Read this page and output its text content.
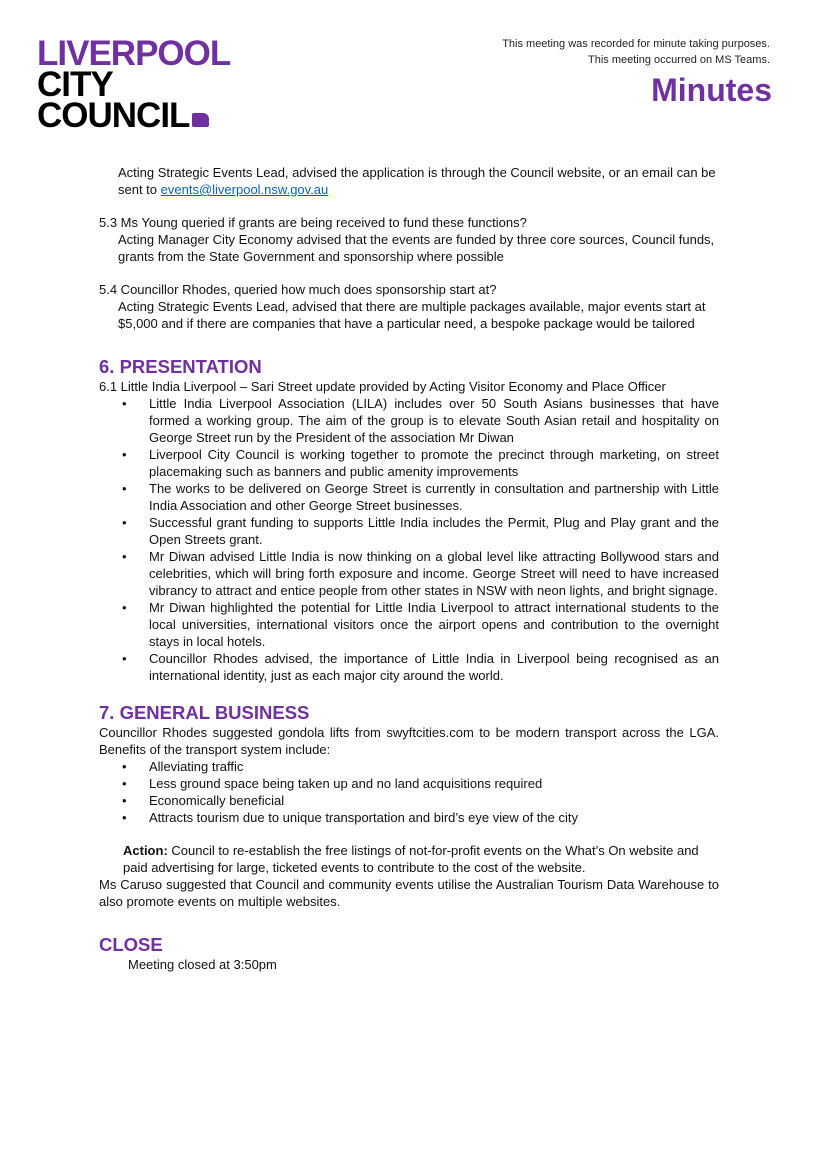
LIVERPOOL
CITY
COUNCIL
This meeting was recorded for minute taking purposes.
This meeting occurred on MS Teams.
Minutes
Acting Strategic Events Lead, advised the application is through the Council website, or an email can be sent to events@liverpool.nsw.gov.au
5.3 Ms Young queried if grants are being received to fund these functions?
Acting Manager City Economy advised that the events are funded by three core sources, Council funds, grants from the State Government and sponsorship where possible
5.4 Councillor Rhodes, queried how much does sponsorship start at?
Acting Strategic Events Lead, advised that there are multiple packages available, major events start at $5,000 and if there are companies that have a particular need, a bespoke package would be tailored
6. PRESENTATION
6.1 Little India Liverpool – Sari Street update provided by Acting Visitor Economy and Place Officer
• Little India Liverpool Association (LILA) includes over 50 South Asians businesses that have formed a working group. The aim of the group is to elevate South Asian retail and hospitality on George Street run by the President of the association Mr Diwan
• Liverpool City Council is working together to promote the precinct through marketing, on street placemaking such as banners and public amenity improvements
• The works to be delivered on George Street is currently in consultation and partnership with Little India Association and other George Street businesses.
• Successful grant funding to supports Little India includes the Permit, Plug and Play grant and the Open Streets grant.
• Mr Diwan advised Little India is now thinking on a global level like attracting Bollywood stars and celebrities, which will bring forth exposure and income. George Street will need to have increased vibrancy to attract and entice people from other states in NSW with neon lights, and bright signage.
• Mr Diwan highlighted the potential for Little India Liverpool to attract international students to the local universities, international visitors once the airport opens and contribution to the overnight stays in local hotels.
• Councillor Rhodes advised, the importance of Little India in Liverpool being recognised as an international identity, just as each major city around the world.
7. GENERAL BUSINESS
Councillor Rhodes suggested gondola lifts from swyftcities.com to be modern transport across the LGA. Benefits of the transport system include:
• Alleviating traffic
• Less ground space being taken up and no land acquisitions required
• Economically beneficial
• Attracts tourism due to unique transportation and bird’s eye view of the city
Action: Council to re-establish the free listings of not-for-profit events on the What’s On website and paid advertising for large, ticketed events to contribute to the cost of the website.
Ms Caruso suggested that Council and community events utilise the Australian Tourism Data Warehouse to also promote events on multiple websites.
CLOSE
Meeting closed at 3:50pm
